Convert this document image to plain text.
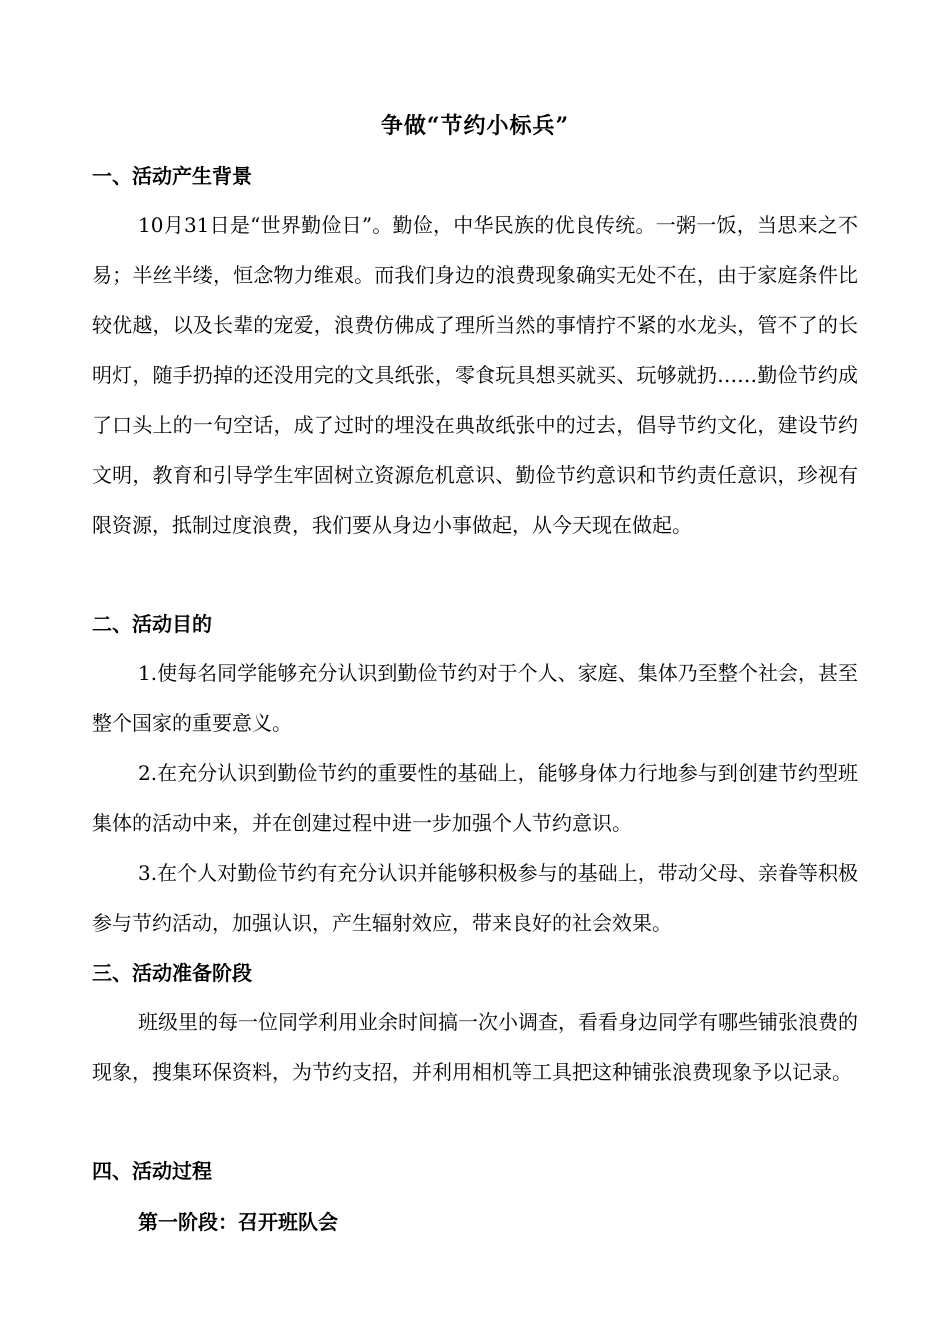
争做“节约小标兵”
一、活动产生背景

10月31日是“世界勤俭日”。勤俭，中华民族的优良传统。一粥一饭，当思来之不易；半丝半缕，恒念物力维艰。而我们身边的浪费现象确实无处不在，由于家庭条件比较优越，以及长辈的宠爱，浪费仿佛成了理所当然的事情拧不紧的水龙头，管不了的长明灯，随手扔掉的还没用完的文具纸张，零食玩具想买就买、玩够就扔……勤俭节约成了口头上的一句空话，成了过时的埋没在典故纸张中的过去，倡导节约文化，建设节约文明，教育和引导学生牢固树立资源危机意识、勤俭节约意识和节约责任意识，珍视有限资源，抵制过度浪费，我们要从身边小事做起，从今天现在做起。

二、活动目的

1.使每名同学能够充分认识到勤俭节约对于个人、家庭、集体乃至整个社会，甚至整个国家的重要意义。

2.在充分认识到勤俭节约的重要性的基础上，能够身体力行地参与到创建节约型班集体的活动中来，并在创建过程中进一步加强个人节约意识。

3.在个人对勤俭节约有充分认识并能够积极参与的基础上，带动父母、亲眷等积极参与节约活动，加强认识，产生辐射效应，带来良好的社会效果。

三、活动准备阶段

班级里的每一位同学利用业余时间搞一次小调查，看看身边同学有哪些铺张浪费的现象，搜集环保资料，为节约支招，并利用相机等工具把这种铺张浪费现象予以记录。

四、活动过程
第一阶段：召开班队会
